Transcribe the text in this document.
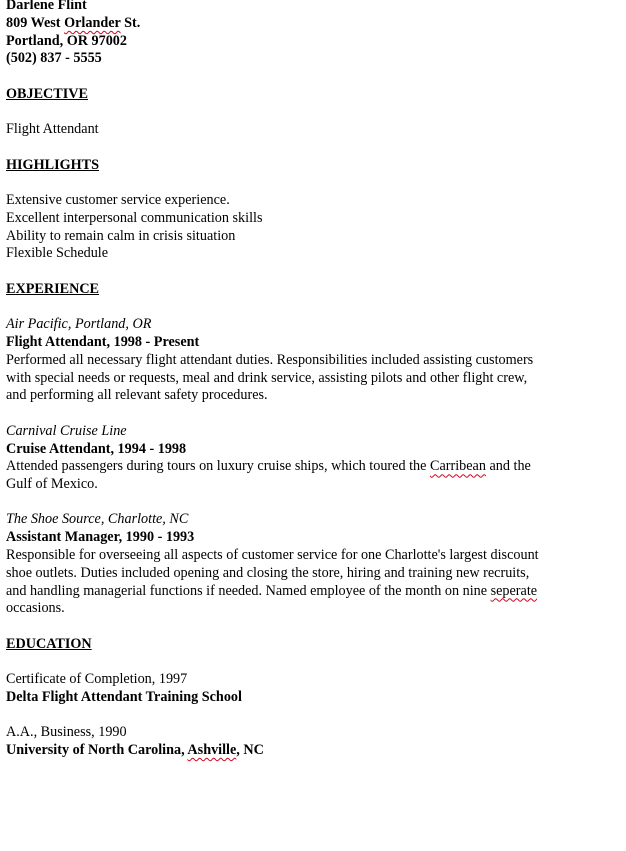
Darlene Flint
809 West Orlander St.
Portland, OR 97002
(502) 837 - 5555
OBJECTIVE
Flight Attendant
HIGHLIGHTS
Extensive customer service experience.
Excellent interpersonal communication skills
Ability to remain calm in crisis situation
Flexible Schedule
EXPERIENCE
Air Pacific, Portland, OR
Flight Attendant, 1998 - Present
Performed all necessary flight attendant duties. Responsibilities included assisting customers with special needs or requests, meal and drink service, assisting pilots and other flight crew, and performing all relevant safety procedures.
Carnival Cruise Line
Cruise Attendant, 1994 - 1998
Attended passengers during tours on luxury cruise ships, which toured the Carribean and the Gulf of Mexico.
The Shoe Source, Charlotte, NC
Assistant Manager, 1990 - 1993
Responsible for overseeing all aspects of customer service for one Charlotte's largest discount shoe outlets. Duties included opening and closing the store, hiring and training new recruits, and handling managerial functions if needed. Named employee of the month on nine seperate occasions.
EDUCATION
Certificate of Completion, 1997
Delta Flight Attendant Training School
A.A., Business, 1990
University of North Carolina, Ashville, NC
